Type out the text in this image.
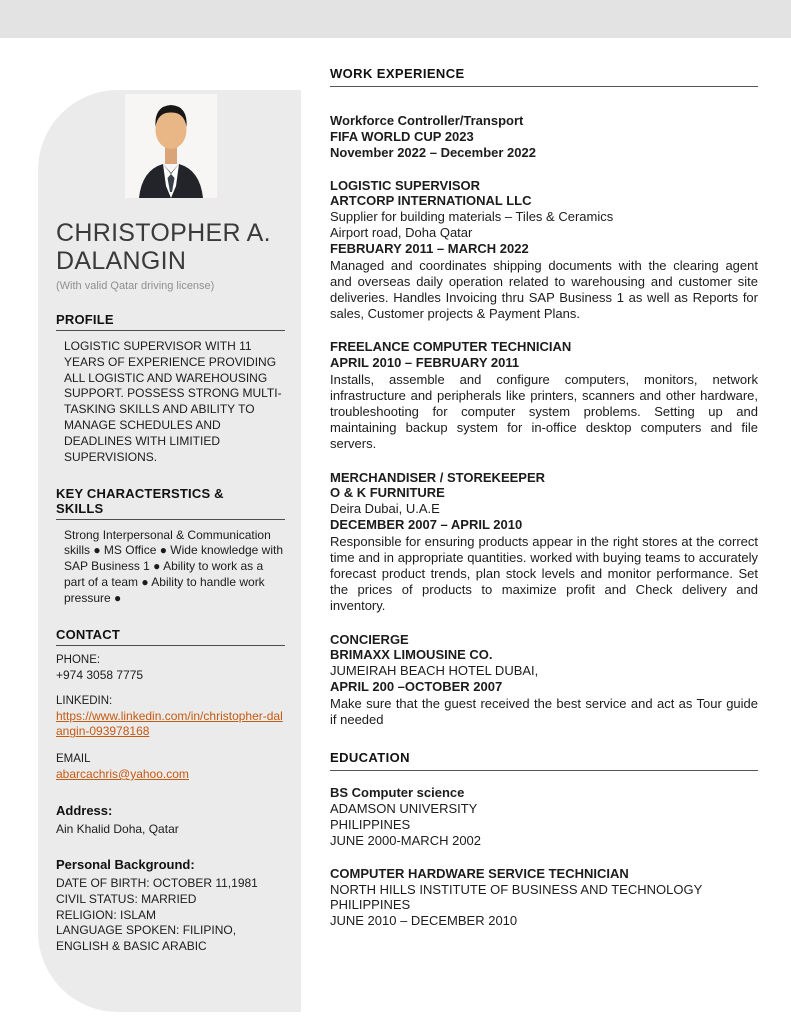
CHRISTOPHER A.
DALANGIN
(With valid Qatar driving license)
PROFILE

LOGISTIC SUPERVISOR WITH 11 YEARS OF EXPERIENCE PROVIDING ALL LOGISTIC AND WAREHOUSING SUPPORT. POSSESS STRONG MULTI-TASKING SKILLS AND ABILITY TO MANAGE SCHEDULES AND DEADLINES WITH LIMITIED SUPERVISIONS.

KEY CHARACTERSTICS & SKILLS

Strong Interpersonal & Communication skills ● MS Office ● Wide knowledge with SAP Business 1 ● Ability to work as a part of a team ● Ability to handle work pressure ●

CONTACT

PHONE:

+974 3058 7775

LINKEDIN:

https://www.linkedin.com/in/christopher-dalangin-093978168

EMAIL

abarcachris@yahoo.com
Address:

Ain Khalid Doha, Qatar

Personal Background:

DATE OF BIRTH: OCTOBER 11,1981

CIVIL STATUS: MARRIED

RELIGION: ISLAM

LANGUAGE SPOKEN: FILIPINO, ENGLISH & BASIC ARABIC

WORK EXPERIENCE

Workforce Controller/Transport

FIFA WORLD CUP 2023

November 2022 – December 2022

LOGISTIC SUPERVISOR

ARTCORP INTERNATIONAL LLC

Supplier for building materials – Tiles & Ceramics

Airport road, Doha Qatar

FEBRUARY 2011 – MARCH 2022

Managed and coordinates shipping documents with the clearing agent and overseas daily operation related to warehousing and customer site deliveries. Handles Invoicing thru SAP Business 1 as well as Reports for sales, Customer projects & Payment Plans.

FREELANCE COMPUTER TECHNICIAN

APRIL 2010 – FEBRUARY 2011

Installs, assemble and configure computers, monitors, network infrastructure and peripherals like printers, scanners and other hardware, troubleshooting for computer system problems. Setting up and maintaining backup system for in-office desktop computers and file servers.

MERCHANDISER / STOREKEEPER

O & K FURNITURE

Deira Dubai, U.A.E

DECEMBER 2007 – APRIL 2010

Responsible for ensuring products appear in the right stores at the correct time and in appropriate quantities. worked with buying teams to accurately forecast product trends, plan stock levels and monitor performance. Set the prices of products to maximize profit and Check delivery and inventory.

CONCIERGE

BRIMAXX LIMOUSINE CO.

JUMEIRAH BEACH HOTEL DUBAI,

APRIL 200 –OCTOBER 2007

Make sure that the guest received the best service and act as Tour guide if needed

EDUCATION

BS Computer science

ADAMSON UNIVERSITY

PHILIPPINES

JUNE 2000-MARCH 2002

COMPUTER HARDWARE SERVICE TECHNICIAN

NORTH HILLS INSTITUTE OF BUSINESS AND TECHNOLOGY PHILIPPINES

JUNE 2010 – DECEMBER 2010
